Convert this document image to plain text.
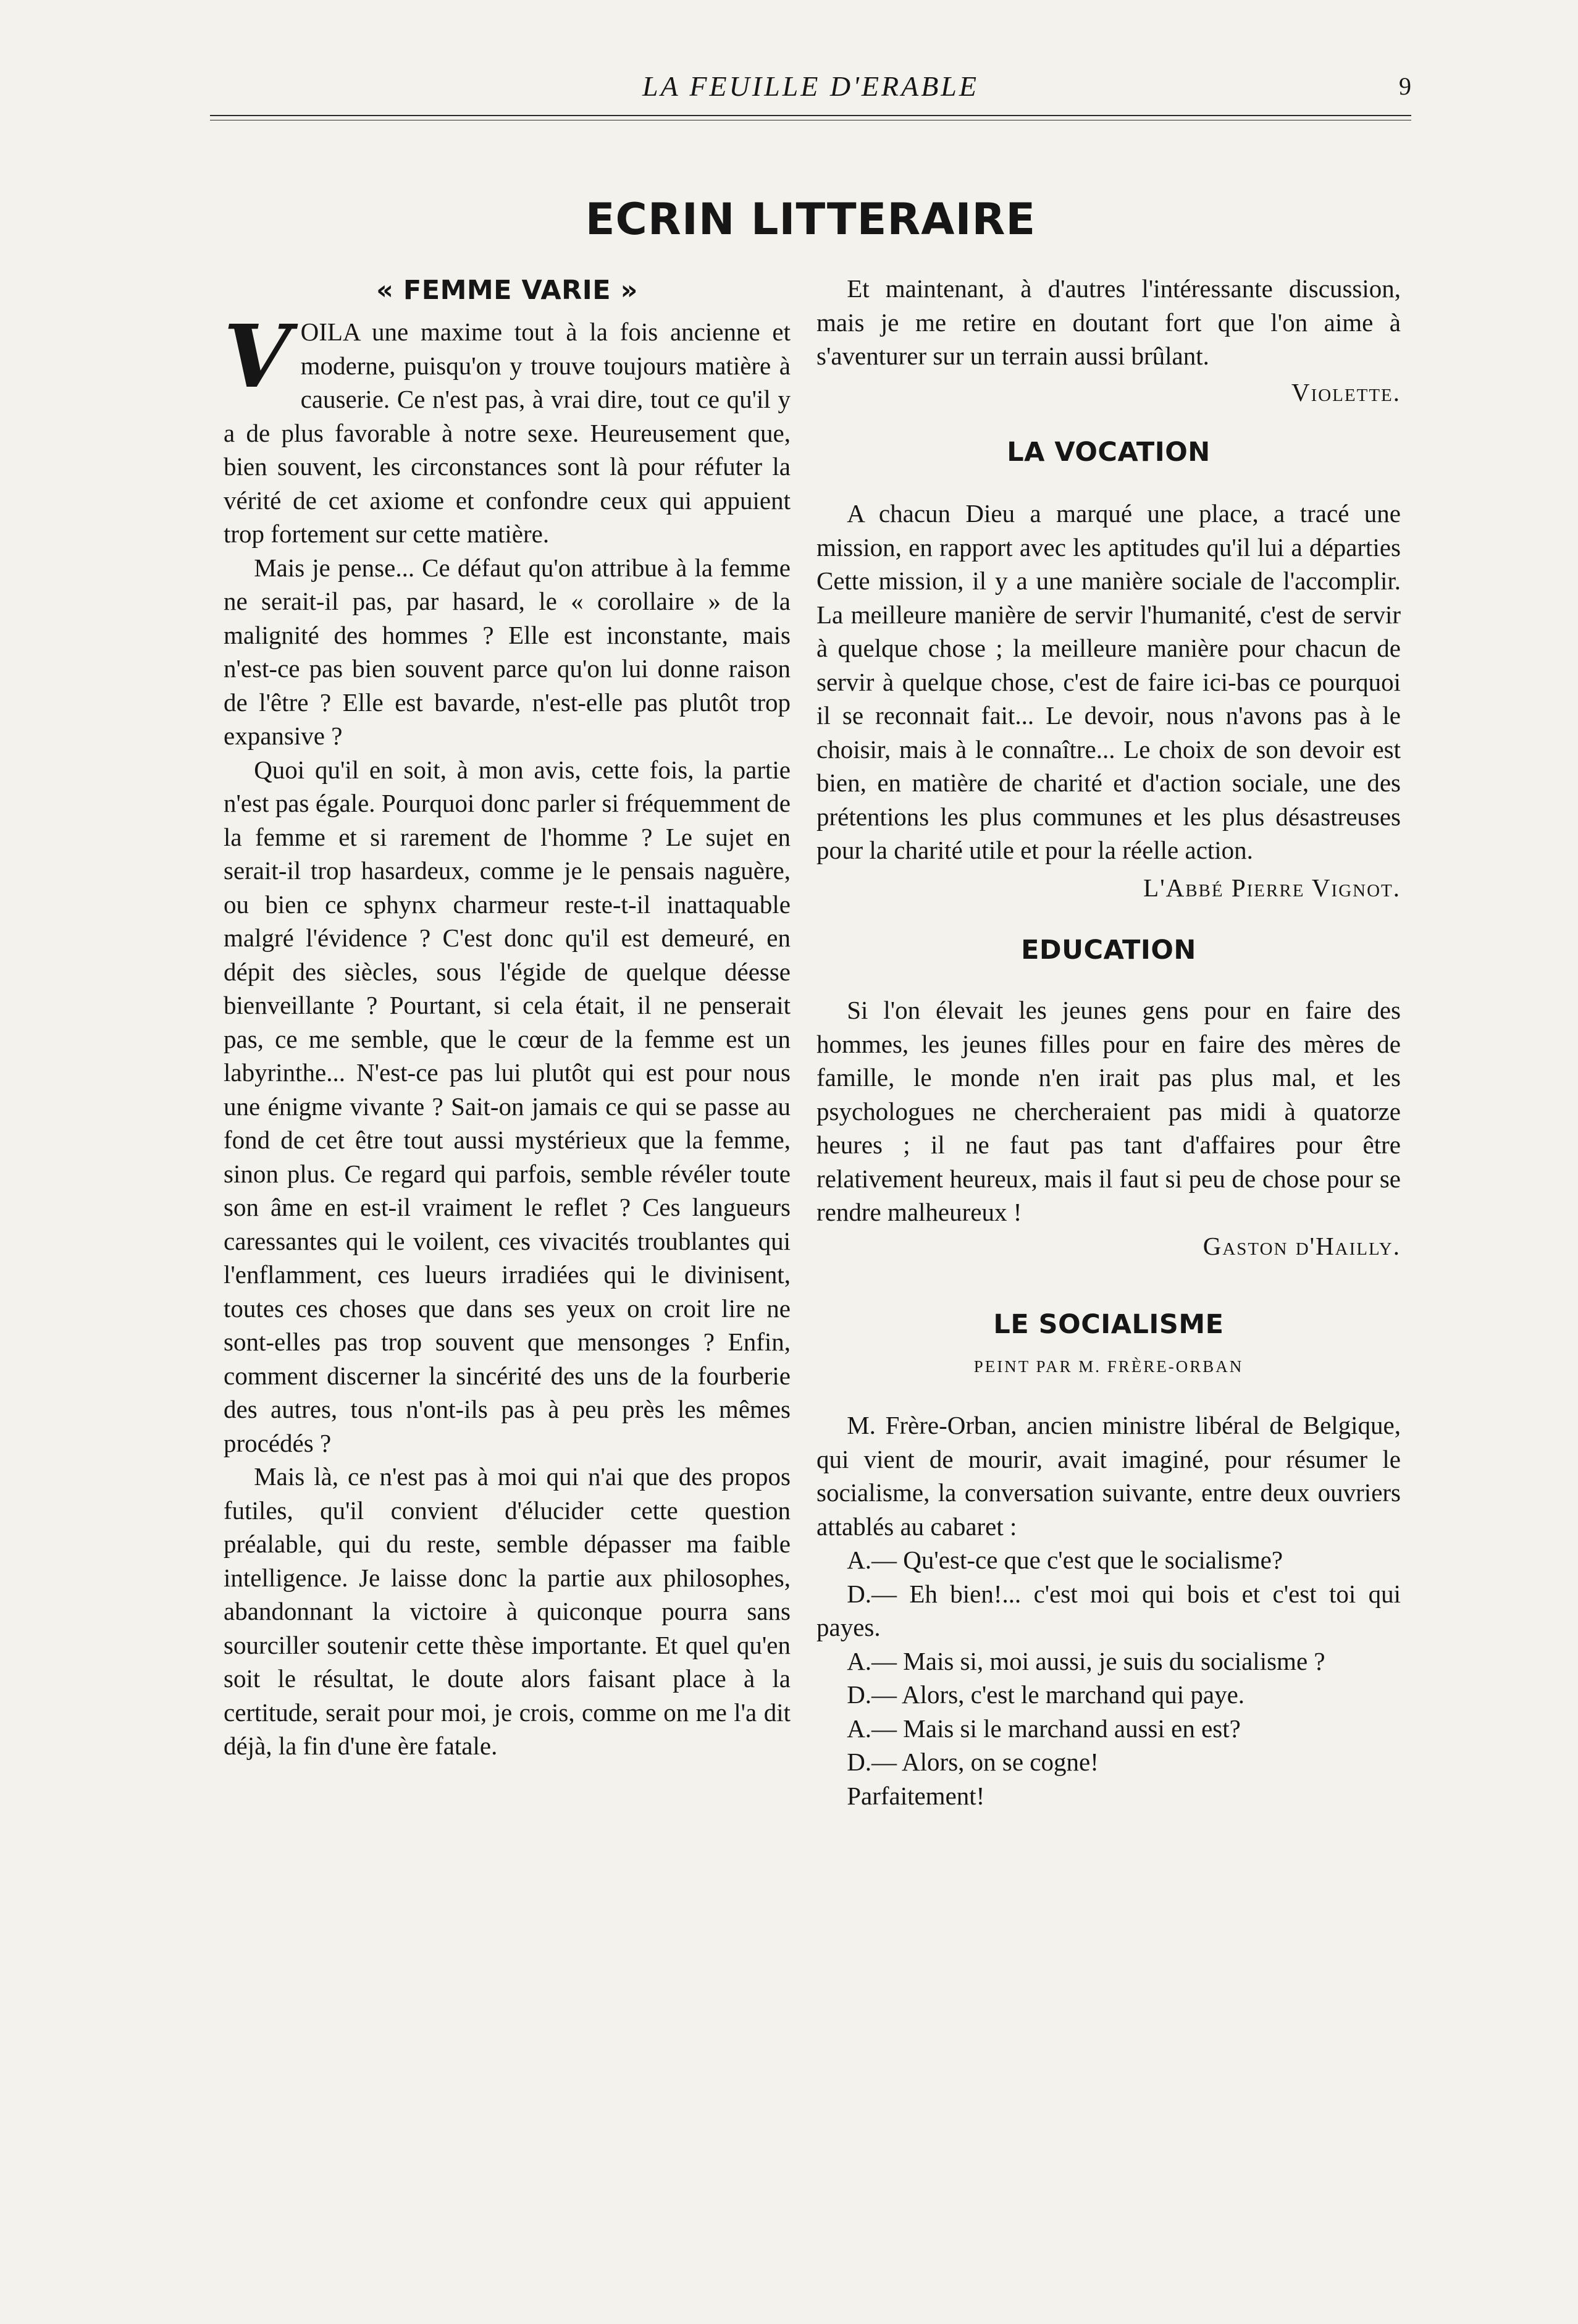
LA FEUILLE D'ERABLE	9
ECRIN LITTERAIRE
« FEMME VARIE »

VOILA une maxime tout à la fois ancienne et moderne, puisqu'on y trouve toujours matière à causerie. Ce n'est pas, à vrai dire, tout ce qu'il y a de plus favorable à notre sexe. Heureusement que, bien souvent, les circonstances sont là pour réfuter la vérité de cet axiome et confondre ceux qui appuient trop fortement sur cette matière.

Mais je pense... Ce défaut qu'on attribue à la femme ne serait-il pas, par hasard, le « corollaire » de la malignité des hommes ? Elle est inconstante, mais n'est-ce pas bien souvent parce qu'on lui donne raison de l'être ? Elle est bavarde, n'est-elle pas plutôt trop expansive ?

Quoi qu'il en soit, à mon avis, cette fois, la partie n'est pas égale. Pourquoi donc parler si fréquemment de la femme et si rarement de l'homme ? Le sujet en serait-il trop hasardeux, comme je le pensais naguère, ou bien ce sphynx charmeur reste-t-il inattaquable malgré l'évidence ? C'est donc qu'il est demeuré, en dépit des siècles, sous l'égide de quelque déesse bienveillante ? Pourtant, si cela était, il ne penserait pas, ce me semble, que le cœur de la femme est un labyrinthe... N'est-ce pas lui plutôt qui est pour nous une énigme vivante ? Sait-on jamais ce qui se passe au fond de cet être tout aussi mystérieux que la femme, sinon plus. Ce regard qui parfois, semble révéler toute son âme en est-il vraiment le reflet ? Ces langueurs caressantes qui le voilent, ces vivacités troublantes qui l'enflamment, ces lueurs irradiées qui le divinisent, toutes ces choses que dans ses yeux on croit lire ne sont-elles pas trop souvent que mensonges ? Enfin, comment discerner la sincérité des uns de la fourberie des autres, tous n'ont-ils pas à peu près les mêmes procédés ?

Mais là, ce n'est pas à moi qui n'ai que des propos futiles, qu'il convient d'élucider cette question préalable, qui du reste, semble dépasser ma faible intelligence. Je laisse donc la partie aux philosophes, abandonnant la victoire à quiconque pourra sans sourciller soutenir cette thèse importante. Et quel qu'en soit le résultat, le doute alors faisant place à la certitude, serait pour moi, je crois, comme on me l'a dit déjà, la fin d'une ère fatale.

Et maintenant, à d'autres l'intéressante discussion, mais je me retire en doutant fort que l'on aime à s'aventurer sur un terrain aussi brûlant.

Violette.
LA VOCATION

A chacun Dieu a marqué une place, a tracé une mission, en rapport avec les aptitudes qu'il lui a départies Cette mission, il y a une manière sociale de l'accomplir. La meilleure manière de servir l'humanité, c'est de servir à quelque chose ; la meilleure manière pour chacun de servir à quelque chose, c'est de faire ici-bas ce pourquoi il se reconnait fait... Le devoir, nous n'avons pas à le choisir, mais à le connaître... Le choix de son devoir est bien, en matière de charité et d'action sociale, une des prétentions les plus communes et les plus désastreuses pour la charité utile et pour la réelle action.

L'Abbé Pierre Vignot.
EDUCATION

Si l'on élevait les jeunes gens pour en faire des hommes, les jeunes filles pour en faire des mères de famille, le monde n'en irait pas plus mal, et les psychologues ne chercheraient pas midi à quatorze heures ; il ne faut pas tant d'affaires pour être relativement heureux, mais il faut si peu de chose pour se rendre malheureux !

Gaston d'Hailly.
LE SOCIALISME
PEINT PAR M. FRÈRE-ORBAN

M. Frère-Orban, ancien ministre libéral de Belgique, qui vient de mourir, avait imaginé, pour résumer le socialisme, la conversation suivante, entre deux ouvriers attablés au cabaret :

A.— Qu'est-ce que c'est que le socialisme?

D.— Eh bien!... c'est moi qui bois et c'est toi qui payes.

A.— Mais si, moi aussi, je suis du socialisme ?

D.— Alors, c'est le marchand qui paye.

A.— Mais si le marchand aussi en est?

D.— Alors, on se cogne!

Parfaitement!
